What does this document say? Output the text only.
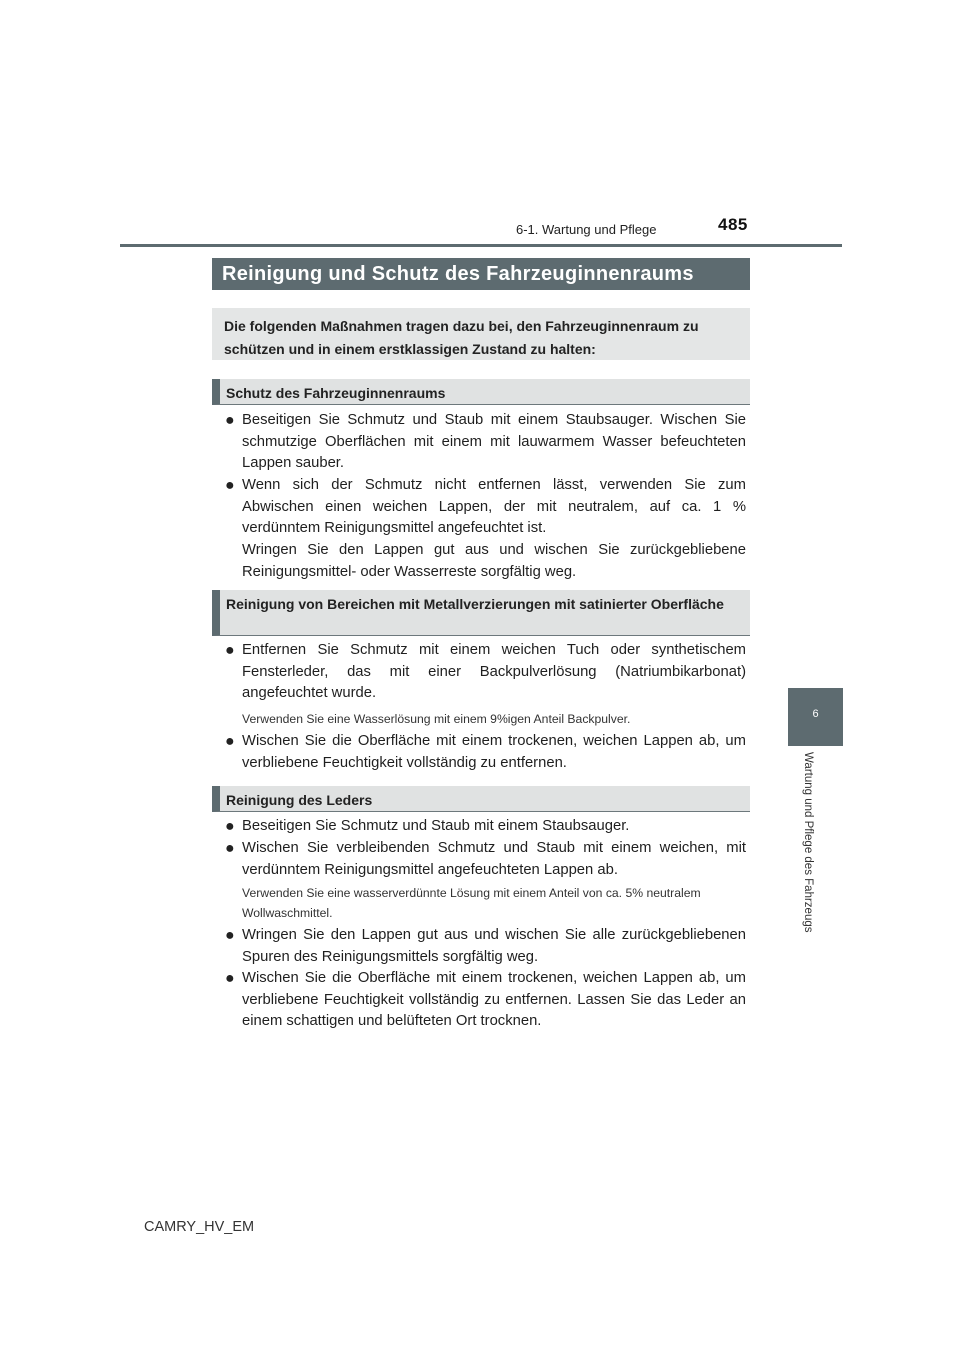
6-1. Wartung und Pflege	485
6
Wartung und Pflege des Fahrzeugs
Reinigung und Schutz des Fahrzeuginnenraums
Die folgenden Maßnahmen tragen dazu bei, den Fahrzeuginnenraum zu schützen und in einem erstklassigen Zustand zu halten:
Schutz des Fahrzeuginnenraums
● Beseitigen Sie Schmutz und Staub mit einem Staubsauger. Wischen Sie schmutzige Oberflächen mit einem mit lauwarmem Wasser befeuchteten Lappen sauber.
● Wenn sich der Schmutz nicht entfernen lässt, verwenden Sie zum Abwischen einen weichen Lappen, der mit neutralem, auf ca. 1 % verdünntem Reinigungsmittel angefeuchtet ist.
Wringen Sie den Lappen gut aus und wischen Sie zurückgebliebene Reinigungsmittel- oder Wasserreste sorgfältig weg.
Reinigung von Bereichen mit Metallverzierungen mit satinierter Oberfläche
● Entfernen Sie Schmutz mit einem weichen Tuch oder synthetischem Fensterleder, das mit einer Backpulverlösung (Natriumbikarbonat) angefeuchtet wurde.
Verwenden Sie eine Wasserlösung mit einem 9%igen Anteil Backpulver.
● Wischen Sie die Oberfläche mit einem trockenen, weichen Lappen ab, um verbliebene Feuchtigkeit vollständig zu entfernen.
Reinigung des Leders
● Beseitigen Sie Schmutz und Staub mit einem Staubsauger.
● Wischen Sie verbleibenden Schmutz und Staub mit einem weichen, mit verdünntem Reinigungsmittel angefeuchteten Lappen ab.
Verwenden Sie eine wasserverdünnte Lösung mit einem Anteil von ca. 5% neutralem Wollwaschmittel.
● Wringen Sie den Lappen gut aus und wischen Sie alle zurückgebliebenen Spuren des Reinigungsmittels sorgfältig weg.
● Wischen Sie die Oberfläche mit einem trockenen, weichen Lappen ab, um verbliebene Feuchtigkeit vollständig zu entfernen. Lassen Sie das Leder an einem schattigen und belüfteten Ort trocknen.
CAMRY_HV_EM
